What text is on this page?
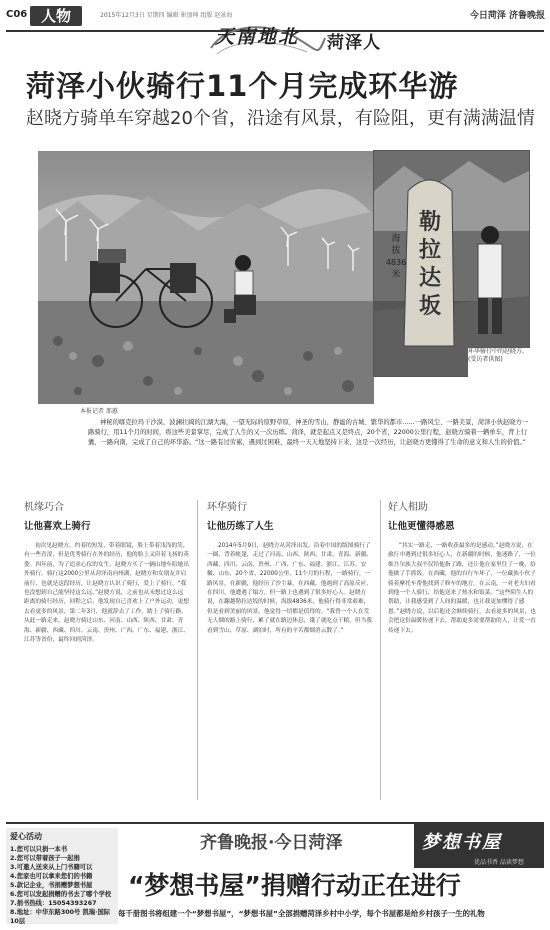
C06 人物	2015年12月3日 星期四 编辑 崔加坤 组版 赵景海	今日菏泽 济鲁晚报
天南地北 菏泽人
菏泽小伙骑行11个月完成环华游
赵晓方骑单车穿越20个省，沿途有风景，有险阻，更有满满温情
勒
拉
达
坂
海
拔
4836
米
环华骑行中的赵晓方。(受访者供图)
本报记者 邢蕙
神秘的喀克拉玛干沙漠，波澜壮阔的江湖大海，一望无际的原野草原，神圣的雪山，静谧的古城、繁华的都市……一路风尘、一路美景，菏泽小伙赵晓方一路骑行，用11个月的时间，将这些美景掌尽，完成了人生的又一次历练。菏泽，就是起点又是终点，20个省，22000公里行程，赵晓方骑着一辆单车，背上行囊，一路向南，完成了自己的环华游。“这一路有过劳累，遇到过困难，最终一天天地坚持下来，这是一次经历，让赵晓方更懂得了生命的意义和人生的价值。”
机缘巧合
让他喜欢上骑行
初次见赵晓方，约着的短发，带着眼镜，脸上带着浅浅的笑，有一些青涩，但是优秀骑行在外的经历，他的脸上又印着飞扬的英姿。四年前，为了追求心仪的女生，赵晓方买了一辆山地车陪她出外骑行。骑行这2000公里从菏泽南向州湖，赵晓方和女朋友并肩前行，也就是这段经历，让赵晓方认识了骑行，爱上了骑行。“我也没想到自己能坚持这么远，”赵晓方说，之前也从未想过这么远距离的骑行经历，回程之后，他发现自己喜欢上了户外运动，更想去看更多的风景，第二年3月，他就辞去了工作，踏上了骑行路。从此一路走来，赵晓方骑过山东、河南、山西、陕西、甘肃、青海、新疆、西藏、四川、云南、贵州、广西、广东、福建、浙江、江苏等省份，最终回到菏泽。
环华骑行
让他历练了人生
2014年5月9日，赵晓方从菏泽出发，沿着中国的版图骑行了一圈，背着帐篷，走过了河南、山西、陕西、甘肃、青海、新疆、西藏、四川、云南、贵州、广西、广东、福建、浙江、江苏、安徽、山东，20个省、22000公里、11个月的行程，一路骑行，一路风景。在新疆，他经历了沙尘暴，在西藏，他遇到了高原反应，在四川，他遭遇了塌方，但一路上也遇到了很多好心人。赵晓方说，在翻越勒拉达坂的时候，海拔4836米，他骑行得非常艰难，但是看到美丽的风景，他觉得一切都是值得的。“我曾一个人在荒无人烟的路上骑行，累了就在路边休息，饿了就吃点干粮，但当我看到雪山、草原、湖泊时，所有的辛苦都烟消云散了。”
好人相助
让他更懂得感恩
“其实一路走，一路收获最多的是感动，”赵晓方说，在旅行中遇到过很多好心人，在新疆的时候，他迷路了，一位维吾尔族大叔不仅给他指了路，还让他在家里住了一晚，给他做了手抓饭。在西藏，他的自行车坏了，一位藏族小伙子骑着摩托车帮他找到了修车的地方。在云南，一对老夫妇看到他一个人骑行，给他送来了热水和饭菜。“这些陌生人的帮助，让我感受到了人间的温暖，也让我更加懂得了感恩。”赵晓方说，以后他还会继续骑行，去看更多的风景，也会把这份温暖传递下去，帮助更多需要帮助的人，让爱一直传递下去。
爱心活动
1.您可以只捐一本书
2.您可以带着孩子一起捐
3.可邀人送来从上门书籍可以
4.您家也可以拿来您们的书籍
5.款记企业，书捐赠梦想书屋
6.您可以发起捐赠的书去了哪个学校
7.捐书热线：15054393267
8.地址：中华东路300号 凯瑞·国际10层
齐鲁晚报·今日菏泽	梦想书屋
优品书香 品读梦想
“梦想书屋”捐赠行动正在进行
每千册图书将组建一个“梦想书屋”，“梦想书屋”全部捐赠菏泽乡村中小学，每个书屋都是给乡村孩子一生的礼物
